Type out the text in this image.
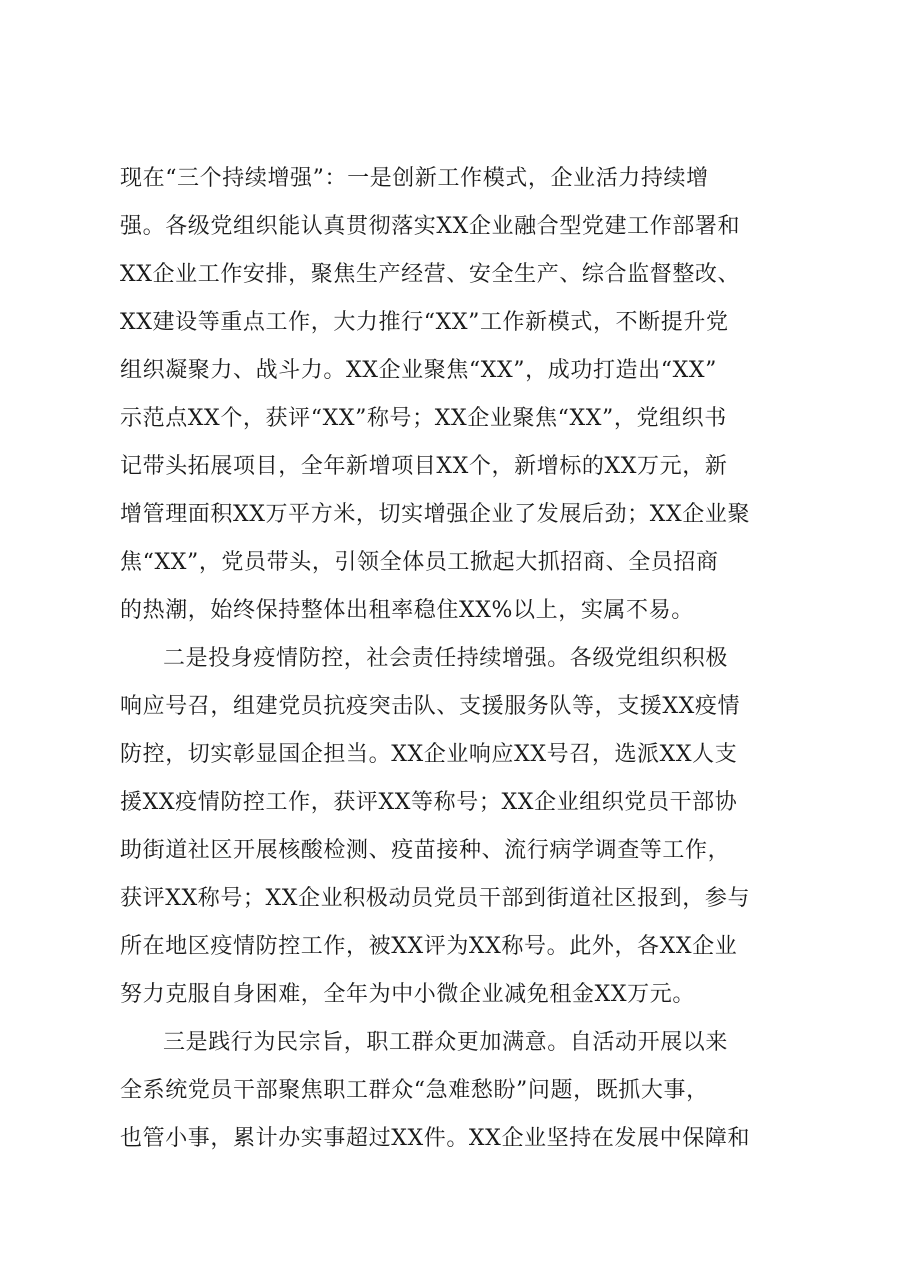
现在“三个持续增强”：一是创新工作模式，企业活力持续增
强。各级党组织能认真贯彻落实XX企业融合型党建工作部署和
XX企业工作安排，聚焦生产经营、安全生产、综合监督整改、
XX建设等重点工作，大力推行“XX”工作新模式，不断提升党
组织凝聚力、战斗力。XX企业聚焦“XX”，成功打造出“XX”
示范点XX个，获评“XX”称号；XX企业聚焦“XX”，党组织书
记带头拓展项目，全年新增项目XX个，新增标的XX万元，新
增管理面积XX万平方米，切实增强企业了发展后劲；XX企业聚
焦“XX”，党员带头，引领全体员工掀起大抓招商、全员招商
的热潮，始终保持整体出租率稳住XX%以上，实属不易。
二是投身疫情防控，社会责任持续增强。各级党组织积极
响应号召，组建党员抗疫突击队、支援服务队等，支援XX疫情
防控，切实彰显国企担当。XX企业响应XX号召，选派XX人支
援XX疫情防控工作，获评XX等称号；XX企业组织党员干部协
助街道社区开展核酸检测、疫苗接种、流行病学调查等工作，
获评XX称号；XX企业积极动员党员干部到街道社区报到，参与
所在地区疫情防控工作，被XX评为XX称号。此外，各XX企业
努力克服自身困难，全年为中小微企业减免租金XX万元。
三是践行为民宗旨，职工群众更加满意。自活动开展以来
全系统党员干部聚焦职工群众“急难愁盼”问题，既抓大事，
也管小事，累计办实事超过XX件。XX企业坚持在发展中保障和
